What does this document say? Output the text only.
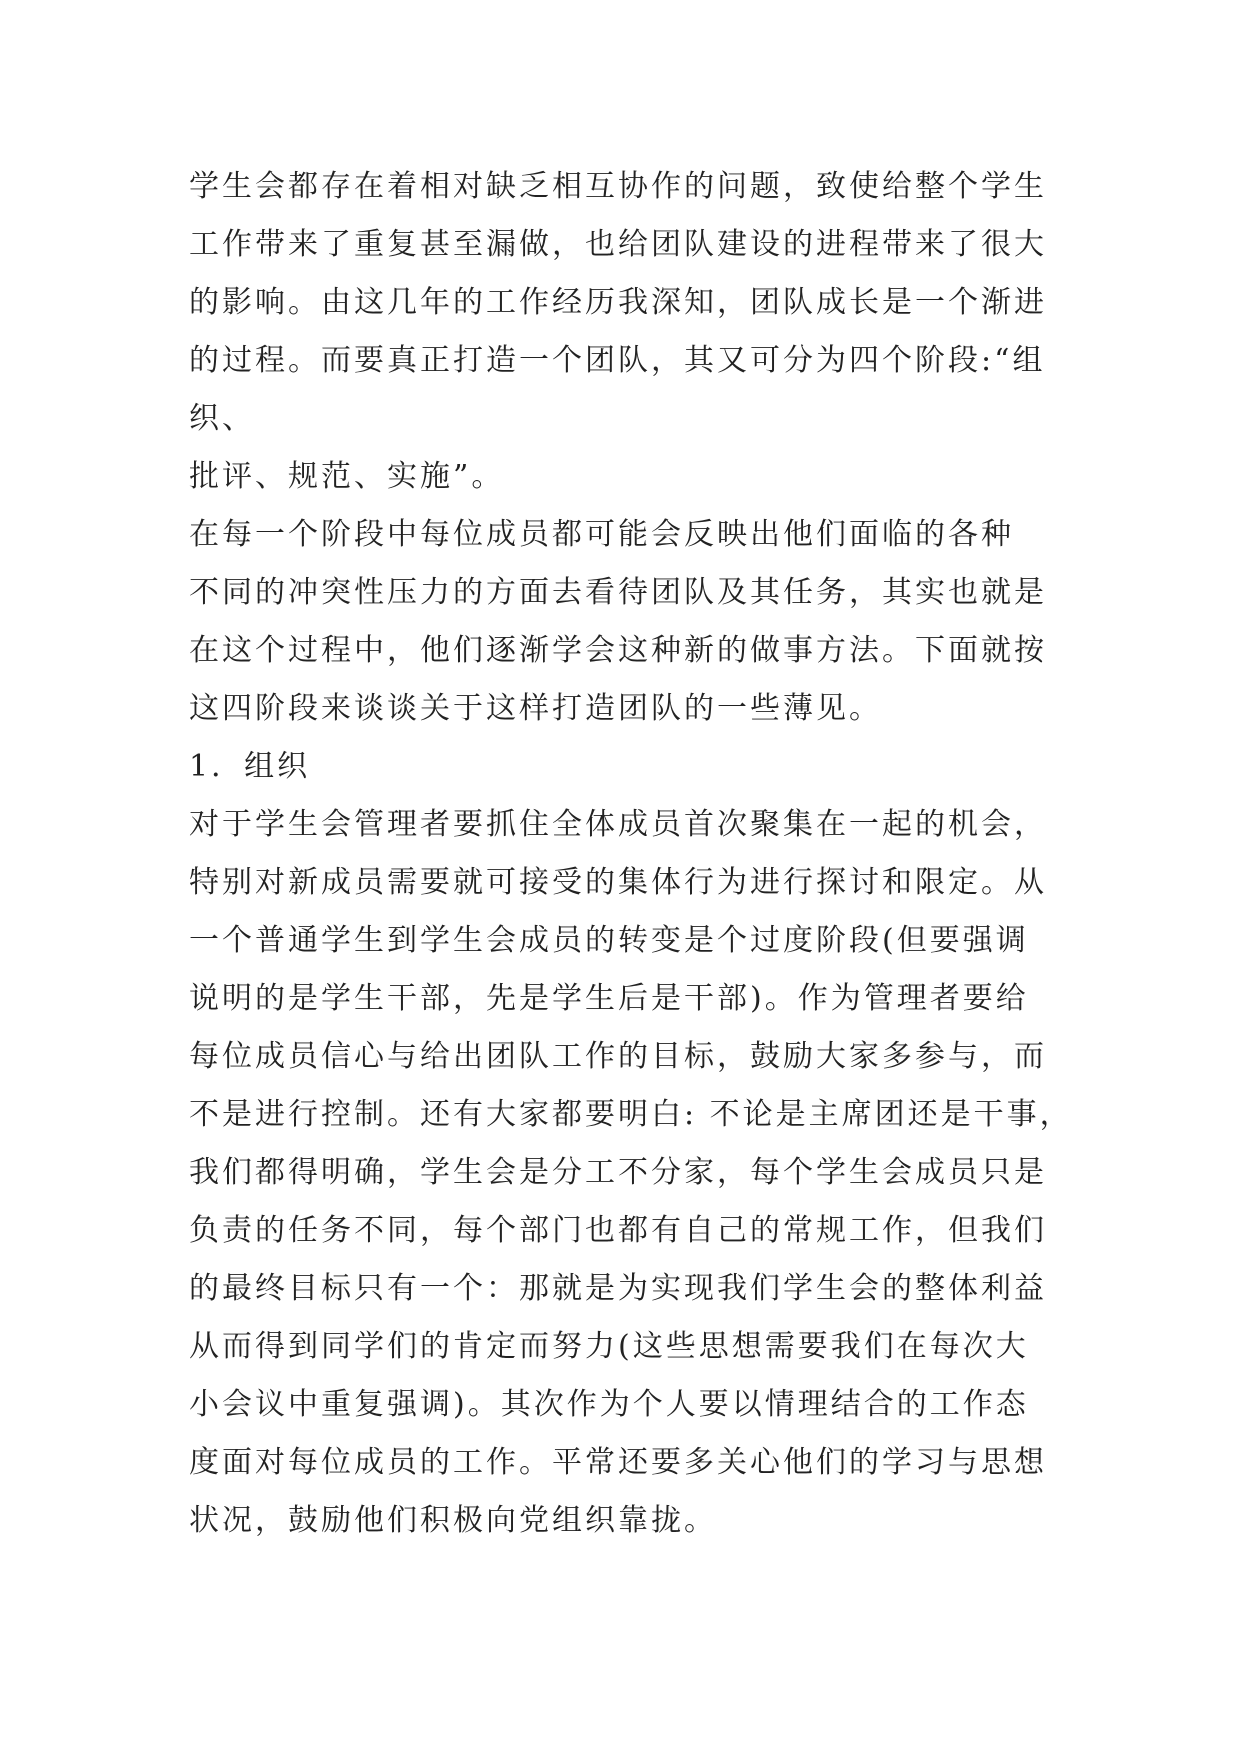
学生会都存在着相对缺乏相互协作的问题，致使给整个学生
工作带来了重复甚至漏做，也给团队建设的进程带来了很大
的影响。由这几年的工作经历我深知，团队成长是一个渐进
的过程。而要真正打造一个团队，其又可分为四个阶段:“组
织、
批评、规范、实施”。
在每一个阶段中每位成员都可能会反映出他们面临的各种
不同的冲突性压力的方面去看待团队及其任务，其实也就是
在这个过程中，他们逐渐学会这种新的做事方法。下面就按
这四阶段来谈谈关于这样打造团队的一些薄见。
1．组织
对于学生会管理者要抓住全体成员首次聚集在一起的机会，
特别对新成员需要就可接受的集体行为进行探讨和限定。从
一个普通学生到学生会成员的转变是个过度阶段(但要强调
说明的是学生干部，先是学生后是干部)。作为管理者要给
每位成员信心与给出团队工作的目标，鼓励大家多参与，而
不是进行控制。还有大家都要明白: 不论是主席团还是干事，
我们都得明确，学生会是分工不分家，每个学生会成员只是
负责的任务不同，每个部门也都有自己的常规工作，但我们
的最终目标只有一个：那就是为实现我们学生会的整体利益
从而得到同学们的肯定而努力(这些思想需要我们在每次大
小会议中重复强调)。其次作为个人要以情理结合的工作态
度面对每位成员的工作。平常还要多关心他们的学习与思想
状况，鼓励他们积极向党组织靠拢。
